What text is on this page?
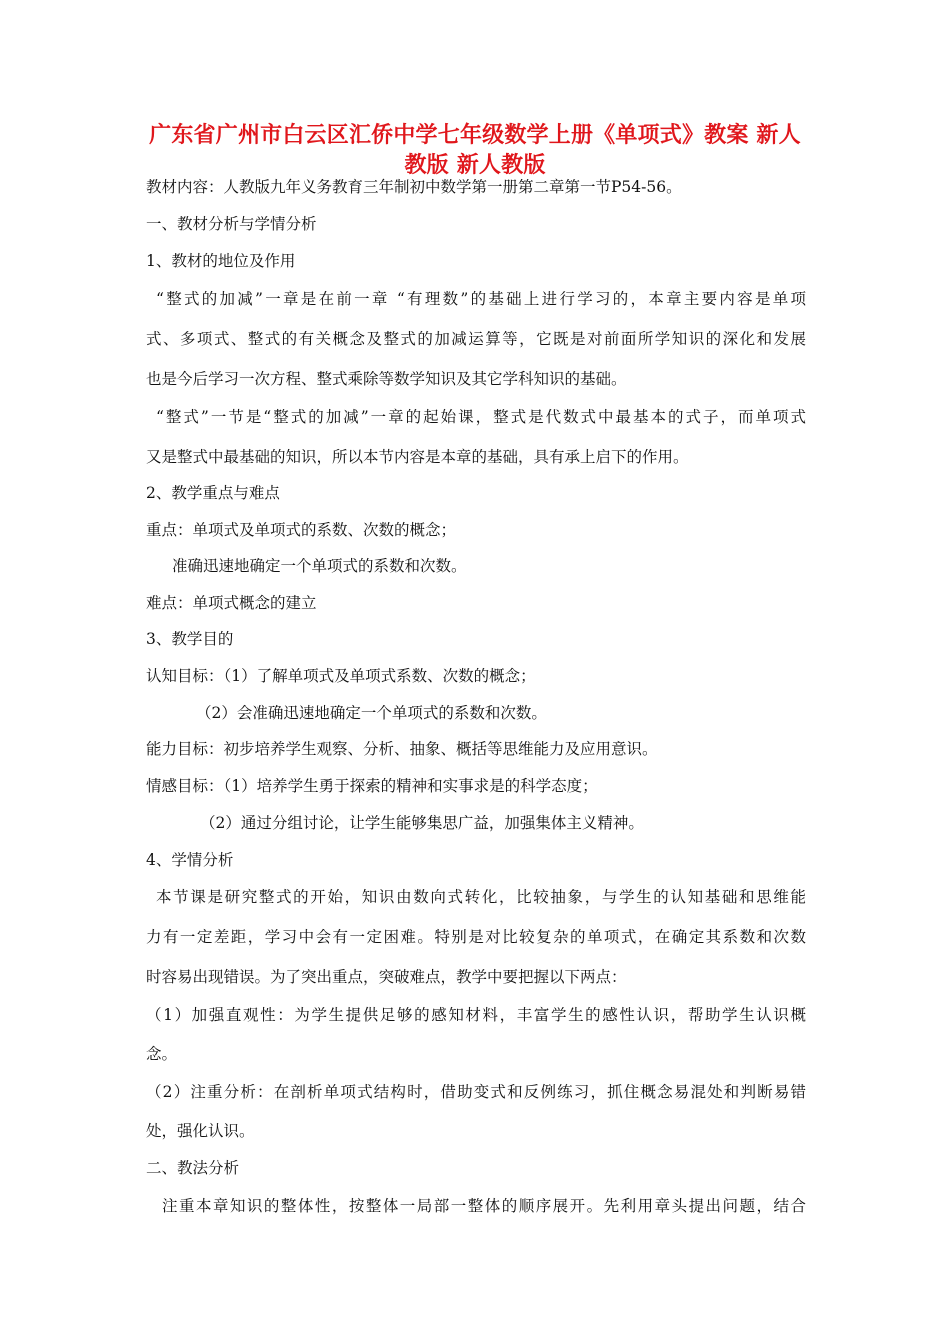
广东省广州市白云区汇侨中学七年级数学上册《单项式》教案 新人
教版 新人教版
教材内容：人教版九年义务教育三年制初中数学第一册第二章第一节P54-56。
一、教材分析与学情分析
1、教材的地位及作用
“整式的加减”一章是在前一章 “有理数”的基础上进行学习的，本章主要内容是单项
式、多项式、整式的有关概念及整式的加减运算等，它既是对前面所学知识的深化和发展
也是今后学习一次方程、整式乘除等数学知识及其它学科知识的基础。
“整式”一节是“整式的加减”一章的起始课，整式是代数式中最基本的式子，而单项式
又是整式中最基础的知识，所以本节内容是本章的基础，具有承上启下的作用。
2、教学重点与难点
重点：单项式及单项式的系数、次数的概念；
准确迅速地确定一个单项式的系数和次数。
难点：单项式概念的建立
3、教学目的
认知目标：（1）了解单项式及单项式系数、次数的概念；
（2）会准确迅速地确定一个单项式的系数和次数。
能力目标：初步培养学生观察、分析、抽象、概括等思维能力及应用意识。
情感目标：（1）培养学生勇于探索的精神和实事求是的科学态度；
（2）通过分组讨论，让学生能够集思广益，加强集体主义精神。
4、学情分析
本节课是研究整式的开始，知识由数向式转化，比较抽象，与学生的认知基础和思维能
力有一定差距，学习中会有一定困难。特别是对比较复杂的单项式，在确定其系数和次数
时容易出现错误。为了突出重点，突破难点，教学中要把握以下两点：
（1）加强直观性：为学生提供足够的感知材料，丰富学生的感性认识，帮助学生认识概
念。
（2）注重分析：在剖析单项式结构时，借助变式和反例练习，抓住概念易混处和判断易错
处，强化认识。
二、教法分析
注重本章知识的整体性，按整体一局部一整体的顺序展开。先利用章头提出问题，结合
